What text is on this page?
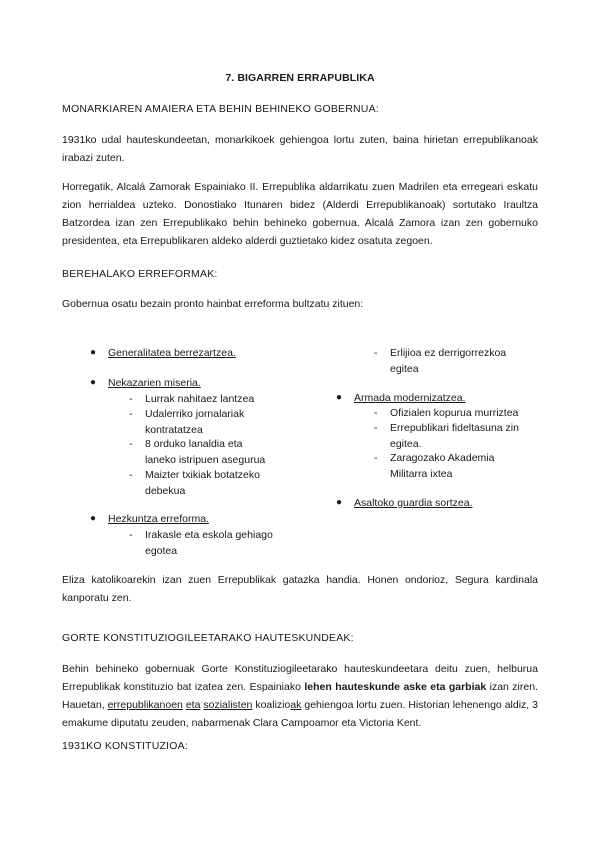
7. BIGARREN ERRAPUBLIKA
MONARKIAREN AMAIERA ETA BEHIN BEHINEKO GOBERNUA:
1931ko udal hauteskundeetan, monarkikoek gehiengoa lortu zuten, baina hirietan errepublikanoak irabazi zuten.
Horregatik, Alcalá Zamorak Espainiako II. Errepublika aldarrikatu zuen Madrilen eta erregeari eskatu zion herrialdea uzteko. Donostiako Itunaren bidez (Alderdi Errepublikanoak) sortutako Iraultza Batzordea izan zen Errepublikako behin behineko gobernua. Alcalá Zamora izan zen gobernuko presidentea, eta Errepublikaren aldeko alderdi guztietako kidez osatuta zegoen.
BEREHALAKO ERREFORMAK:
Gobernua osatu bezain pronto hainbat erreforma bultzatu zituen:
● Generalitatea berrezartzea.
● Nekazarien miseria.
- Lurrak nahitaez lantzea
- Udalerriko jornalariak kontratatzea
- 8 orduko lanaldia eta laneko istripuen asegurua
- Maizter txikiak botatzeko debekua
● Hezkuntza erreforma.
- Irakasle eta eskola gehiago egotea
- Erlijioa ez derrigorrezkoa egitea
● Armada modernizatzea.
- Ofizialen kopurua murriztea
- Errepublikari fideltasuna zin egitea.
- Zaragozako Akademia Militarra ixtea
● Asaltoko guardia sortzea.
Eliza katolikoarekin izan zuen Errepublikak gatazka handia. Honen ondorioz, Segura kardinala kanporatu zen.
GORTE KONSTITUZIOGILEETARAKO HAUTESKUNDEAK:
Behin behineko gobernuak Gorte Konstituziogileetarako hauteskundeetara deitu zuen, helburua Errepublikak konstituzio bat izatea zen. Espainiako lehen hauteskunde aske eta garbiak izan ziren. Hauetan, errepublikanoen eta sozialisten koalizioak gehiengoa lortu zuen. Historian lehenengo aldiz, 3 emakume diputatu zeuden, nabarmenak Clara Campoamor eta Victoria Kent.
1931KO KONSTITUZIOA:
